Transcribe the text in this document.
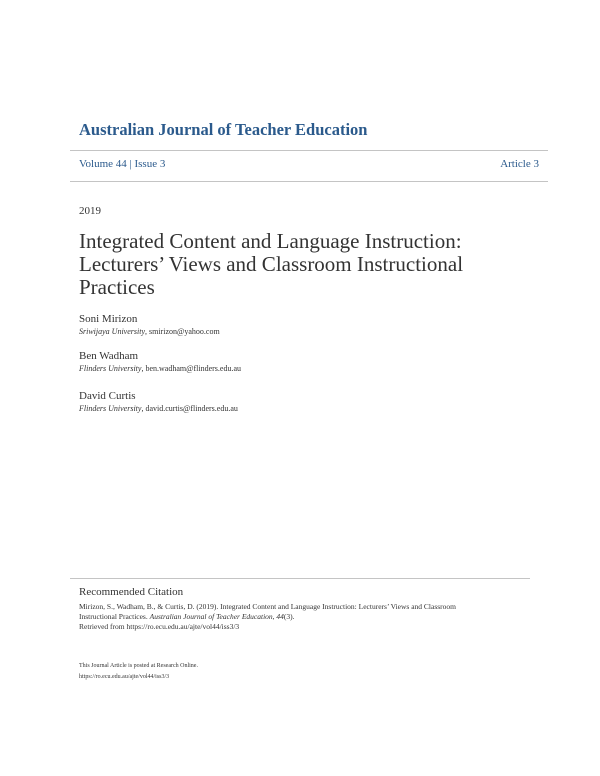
Australian Journal of Teacher Education
Volume 44 | Issue 3	Article 3
2019
Integrated Content and Language Instruction: Lecturers’ Views and Classroom Instructional Practices
Soni Mirizon
Sriwijaya University, smirizon@yahoo.com
Ben Wadham
Flinders University, ben.wadham@flinders.edu.au
David Curtis
Flinders University, david.curtis@flinders.edu.au
Recommended Citation
Mirizon, S., Wadham, B., & Curtis, D. (2019). Integrated Content and Language Instruction: Lecturers’ Views and Classroom
Instructional Practices. Australian Journal of Teacher Education, 44(3).
Retrieved from https://ro.ecu.edu.au/ajte/vol44/iss3/3
This Journal Article is posted at Research Online.
https://ro.ecu.edu.au/ajte/vol44/iss3/3
